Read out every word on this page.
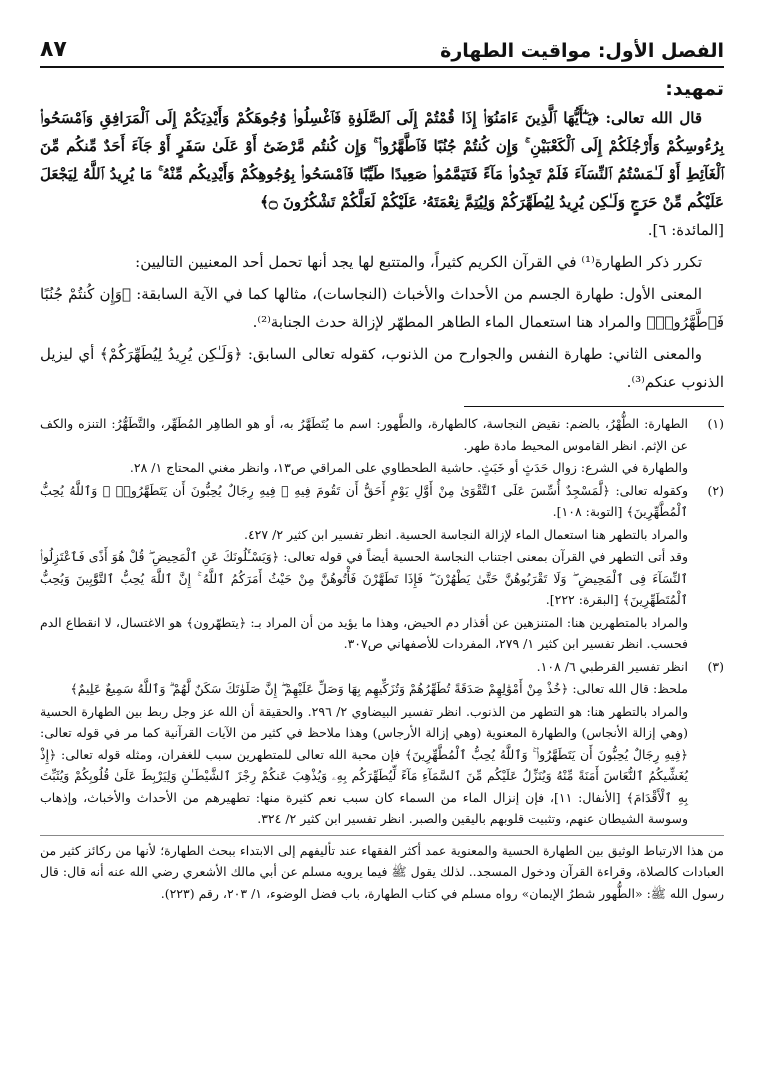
الفصل الأول: مواقيت الطهارة
٨٧
تمهيد:

قال الله تعالى: ﴿يَـٰٓأَيُّهَا ٱلَّذِينَ ءَامَنُوٓا۟ إِذَا قُمْتُمْ إِلَى ٱلصَّلَوٰةِ فَٱغْسِلُوا۟ وُجُوهَكُمْ وَأَيْدِيَكُمْ إِلَى ٱلْمَرَافِقِ وَٱمْسَحُوا۟ بِرُءُوسِكُمْ وَأَرْجُلَكُمْ إِلَى ٱلْكَعْبَيْنِ ۚ وَإِن كُنتُمْ جُنُبًا فَٱطَّهَّرُوا۟ ۚ وَإِن كُنتُم مَّرْضَىٰٓ أَوْ عَلَىٰ سَفَرٍ أَوْ جَآءَ أَحَدٌ مِّنكُم مِّنَ ٱلْغَآئِطِ أَوْ لَـٰمَسْتُمُ ٱلنِّسَآءَ فَلَمْ تَجِدُوا۟ مَآءً فَتَيَمَّمُوا۟ صَعِيدًا طَيِّبًا فَٱمْسَحُوا۟ بِوُجُوهِكُمْ وَأَيْدِيكُم مِّنْهُ ۚ مَا يُرِيدُ ٱللَّهُ لِيَجْعَلَ عَلَيْكُم مِّنْ حَرَجٍ وَلَـٰكِن يُرِيدُ لِيُطَهِّرَكُمْ وَلِيُتِمَّ نِعْمَتَهُۥ عَلَيْكُمْ لَعَلَّكُمْ تَشْكُرُونَ ۝﴾

[المائدة: ٦].

تكرر ذكر الطهارة⁽¹⁾ في القرآن الكريم كثيراً، والمتتبع لها يجد أنها تحمل أحد المعنيين التاليين:

المعنى الأول: طهارة الجسم من الأحداث والأخباث (النجاسات)، مثالها كما في الآية السابقة: ﴿وَإِن كُنتُمْ جُنُبًا فَٱطَّهَّرُوا۟﴾ والمراد هنا استعمال الماء الطاهر المطهّر لإزالة حدث الجنابة⁽²⁾.

والمعنى الثاني: طهارة النفس والجوارح من الذنوب، كقوله تعالى السابق: ﴿وَلَـٰكِن يُرِيدُ لِيُطَهِّرَكُمْ﴾ أي ليزيل الذنوب عنكم⁽³⁾.

(١)

الطهارة: الطُّهْرُ، بالضم: نقيض النجاسة، كالطهارة، والطَّهور: اسم ما يُتَطَهَّرُ به، أو هو الطاهِر المُطَهِّر، والتَّطَهُّرُ: التنزه والكف عن الإثم. انظر القاموس المحيط مادة طهر.

والطهارة في الشرع: زوال حَدَثٍ أو خَبَثٍ. حاشية الطحطاوي على المراقي ص١٣، وانظر مغني المحتاج ١/ ٢٨.

(٢)

وكقوله تعالى: ﴿لَّمَسْجِدٌ أُسِّسَ عَلَى ٱلتَّقْوَىٰ مِنْ أَوَّلِ يَوْمٍ أَحَقُّ أَن تَقُومَ فِيهِ ۚ فِيهِ رِجَالٌ يُحِبُّونَ أَن يَتَطَهَّرُوا۟ ۚ وَٱللَّهُ يُحِبُّ ٱلْمُطَّهِّرِينَ﴾ [التوبة: ١٠٨].

والمراد بالتطهر هنا استعمال الماء لإزالة النجاسة الحسية. انظر تفسير ابن كثير ٢/ ٤٢٧.

وقد أتى التطهر في القرآن بمعنى اجتناب النجاسة الحسية أيضاً في قوله تعالى: ﴿وَيَسْـَٔلُونَكَ عَنِ ٱلْمَحِيضِ ۖ قُلْ هُوَ أَذًى فَٱعْتَزِلُوا۟ ٱلنِّسَآءَ فِى ٱلْمَحِيضِ ۖ وَلَا تَقْرَبُوهُنَّ حَتَّىٰ يَطْهُرْنَ ۖ فَإِذَا تَطَهَّرْنَ فَأْتُوهُنَّ مِنْ حَيْثُ أَمَرَكُمُ ٱللَّهُ ۚ إِنَّ ٱللَّهَ يُحِبُّ ٱلتَّوَّٰبِينَ وَيُحِبُّ ٱلْمُتَطَهِّرِينَ﴾ [البقرة: ٢٢٢].

والمراد بالمتطهرين هنا: المتنزهين عن أقذار دم الحيض، وهذا ما يؤيد من أن المراد بـ: ﴿يتطهّرون﴾ هو الاغتسال، لا انقطاع الدم فحسب. انظر تفسير ابن كثير ١/ ٢٧٩، المفردات للأصفهاني ص٣٠٧.

(٣)

انظر تفسير القرطبي ٦/ ١٠٨.

ملحظ: قال الله تعالى: ﴿خُذْ مِنْ أَمْوَٰلِهِمْ صَدَقَةً تُطَهِّرُهُمْ وَتُزَكِّيهِم بِهَا وَصَلِّ عَلَيْهِمْ ۖ إِنَّ صَلَوٰتَكَ سَكَنٌ لَّهُمْ ۗ وَٱللَّهُ سَمِيعٌ عَلِيمٌ﴾

والمراد بالتطهر هنا: هو التطهر من الذنوب. انظر تفسير البيضاوي ٢/ ٢٩٦. والحقيقة أن الله عز وجل ربط بين الطهارة الحسية (وهي إزالة الأنجاس) والطهارة المعنوية (وهي إزالة الأرجاس) وهذا ملاحظ في كثير من الآيات القرآنية كما مر في قوله تعالى: ﴿فِيهِ رِجَالٌ يُحِبُّونَ أَن يَتَطَهَّرُوا۟ ۚ وَٱللَّهُ يُحِبُّ ٱلْمُطَّهِّرِينَ﴾ فإن محبة الله تعالى للمتطهرين سبب للغفران، ومثله قوله تعالى: ﴿إِذْ يُغَشِّيكُمُ ٱلنُّعَاسَ أَمَنَةً مِّنْهُ وَيُنَزِّلُ عَلَيْكُم مِّنَ ٱلسَّمَآءِ مَآءً لِّيُطَهِّرَكُم بِهِۦ وَيُذْهِبَ عَنكُمْ رِجْزَ ٱلشَّيْطَـٰنِ وَلِيَرْبِطَ عَلَىٰ قُلُوبِكُمْ وَيُثَبِّتَ بِهِ ٱلْأَقْدَامَ﴾ [الأنفال: ١١]، فإن إنزال الماء من السماء كان سبب نعم كثيرة منها: تطهيرهم من الأحداث والأخباث، وإذهاب وسوسة الشيطان عنهم، وتثبيت قلوبهم باليقين والصبر. انظر تفسير ابن كثير ٢/ ٣٢٤.

من هذا الارتباط الوثيق بين الطهارة الحسية والمعنوية عمد أكثر الفقهاء عند تأليفهم إلى الابتداء ببحث الطهارة؛ لأنها من ركائز كثير من العبادات كالصلاة، وقراءة القرآن ودخول المسجد.. لذلك يقول ﷺ فيما يرويه مسلم عن أبي مالك الأشعري رضي الله عنه أنه قال: قال رسول الله ﷺ: «الطُّهور شطرُ الإيمان» رواه مسلم في كتاب الطهارة، باب فضل الوضوء، ١/ ٢٠٣، رقم (٢٢٣).
